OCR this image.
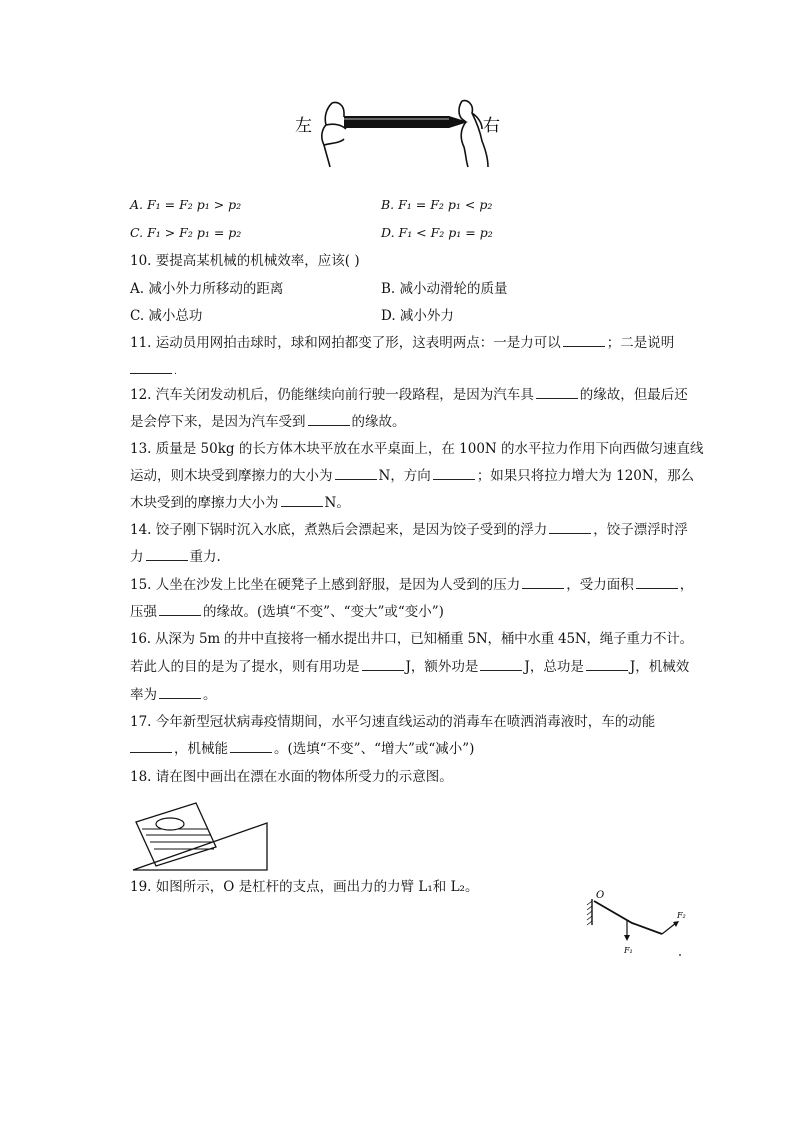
左	右
A. F₁ = F₂ p₁ > p₂	B. F₁ = F₂ p₁ < p₂
C. F₁ > F₂ p₁ = p₂	D. F₁ < F₂ p₁ = p₂
10. 要提高某机械的机械效率，应该( )
A. 减小外力所移动的距离	B. 减小动滑轮的质量
C. 减小总功	D. 减小外力
11. 运动员用网拍击球时，球和网拍都变了形，这表明两点：一是力可以	；二是说明
.
12. 汽车关闭发动机后，仍能继续向前行驶一段路程，是因为汽车具	的缘故，但最后还
是会停下来，是因为汽车受到	的缘故。
13. 质量是 50kg 的长方体木块平放在水平桌面上，在 100N 的水平拉力作用下向西做匀速直线
运动，则木块受到摩擦力的大小为	N，方向	；如果只将拉力增大为 120N，那么
木块受到的摩擦力大小为	N。
14. 饺子刚下锅时沉入水底，煮熟后会漂起来，是因为饺子受到的浮力	，饺子漂浮时浮
力	重力.
15. 人坐在沙发上比坐在硬凳子上感到舒服，是因为人受到的压力	，受力面积	，
压强	的缘故。(选填“不变”、“变大”或“变小”)
16. 从深为 5m 的井中直接将一桶水提出井口，已知桶重 5N，桶中水重 45N，绳子重力不计。
若此人的目的是为了提水，则有用功是	J，额外功是	J，总功是	J，机械效
率为	。
17. 今年新型冠状病毒疫情期间，水平匀速直线运动的消毒车在喷洒消毒液时，车的动能
，机械能	。(选填“不变”、“增大”或“减小”)
18. 请在图中画出在漂在水面的物体所受力的示意图。
19. 如图所示，O 是杠杆的支点，画出力的力臂 L₁和 L₂。
O
F₁
F₂
